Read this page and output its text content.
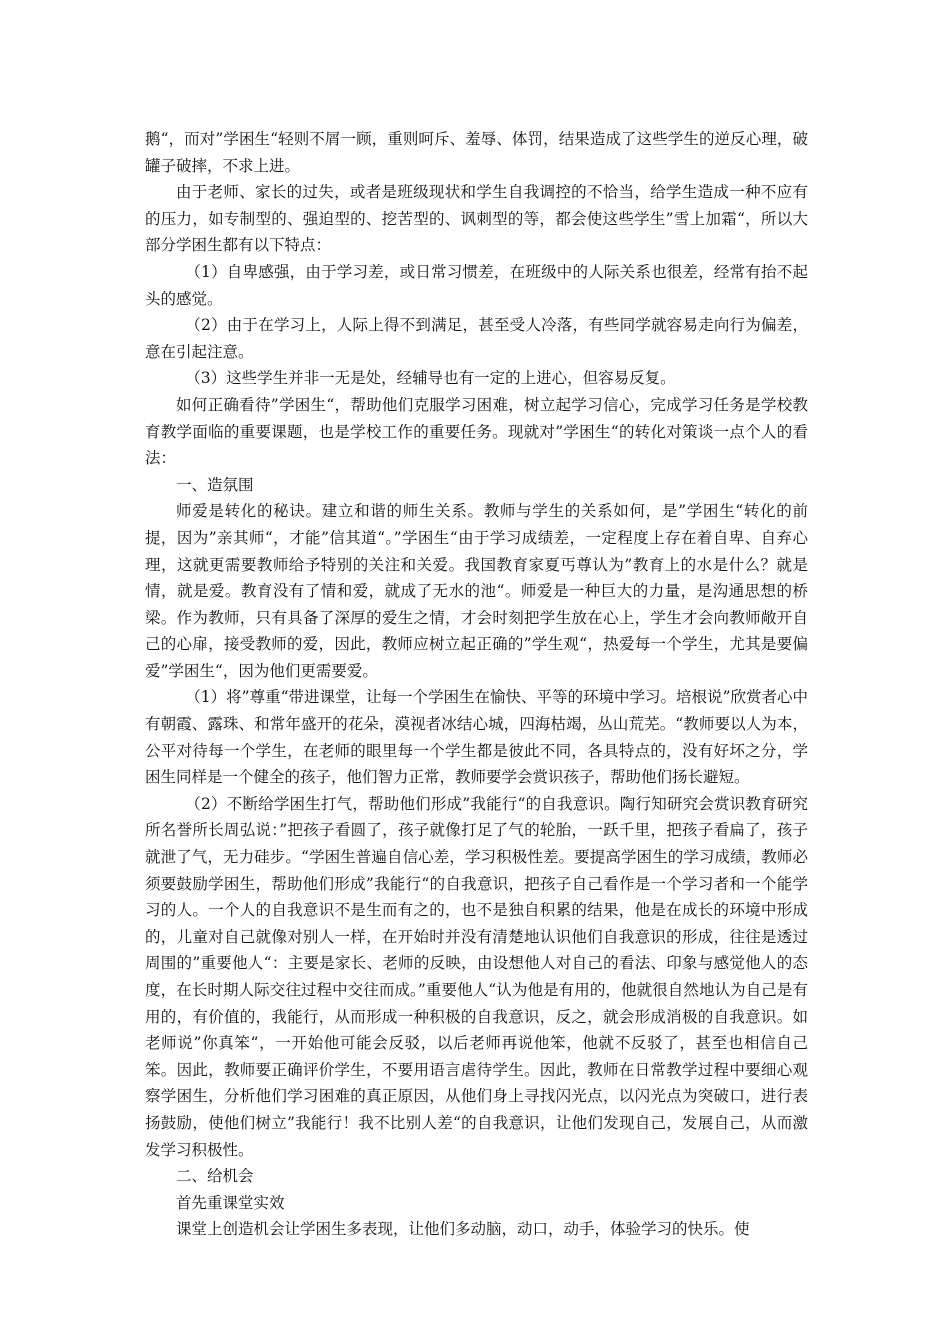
鹅“，而对”学困生“轻则不屑一顾，重则呵斥、羞辱、体罚，结果造成了这些学生的逆反心理，破罐子破摔，不求上进。

由于老师、家长的过失，或者是班级现状和学生自我调控的不恰当，给学生造成一种不应有的压力，如专制型的、强迫型的、挖苦型的、讽刺型的等，都会使这些学生”雪上加霜“，所以大部分学困生都有以下特点：

（1）自卑感强，由于学习差，或日常习惯差，在班级中的人际关系也很差，经常有抬不起头的感觉。

（2）由于在学习上，人际上得不到满足，甚至受人冷落，有些同学就容易走向行为偏差，意在引起注意。

（3）这些学生并非一无是处，经辅导也有一定的上进心，但容易反复。

如何正确看待”学困生“，帮助他们克服学习困难，树立起学习信心，完成学习任务是学校教育教学面临的重要课题，也是学校工作的重要任务。现就对”学困生“的转化对策谈一点个人的看法：

一、造氛围

师爱是转化的秘诀。建立和谐的师生关系。教师与学生的关系如何，是”学困生“转化的前提，因为”亲其师“，才能”信其道“。”学困生“由于学习成绩差，一定程度上存在着自卑、自弃心理，这就更需要教师给予特别的关注和关爱。我国教育家夏丐尊认为”教育上的水是什么？就是情，就是爱。教育没有了情和爱，就成了无水的池“。师爱是一种巨大的力量，是沟通思想的桥梁。作为教师，只有具备了深厚的爱生之情，才会时刻把学生放在心上，学生才会向教师敞开自己的心扉，接受教师的爱，因此，教师应树立起正确的”学生观“，热爱每一个学生，尤其是要偏爱”学困生“，因为他们更需要爱。

（1）将”尊重“带进课堂，让每一个学困生在愉快、平等的环境中学习。培根说”欣赏者心中有朝霞、露珠、和常年盛开的花朵，漠视者冰结心城，四海枯竭，丛山荒芜。“教师要以人为本，公平对待每一个学生，在老师的眼里每一个学生都是彼此不同，各具特点的，没有好坏之分，学困生同样是一个健全的孩子，他们智力正常，教师要学会赏识孩子，帮助他们扬长避短。

（2）不断给学困生打气，帮助他们形成”我能行“的自我意识。陶行知研究会赏识教育研究所名誉所长周弘说：”把孩子看圆了，孩子就像打足了气的轮胎，一跃千里，把孩子看扁了，孩子就泄了气，无力硅步。“学困生普遍自信心差，学习积极性差。要提高学困生的学习成绩，教师必须要鼓励学困生，帮助他们形成”我能行“的自我意识，把孩子自己看作是一个学习者和一个能学习的人。一个人的自我意识不是生而有之的，也不是独自积累的结果，他是在成长的环境中形成的，儿童对自己就像对别人一样，在开始时并没有清楚地认识他们自我意识的形成，往往是透过周围的”重要他人“：主要是家长、老师的反映，由设想他人对自己的看法、印象与感觉他人的态度，在长时期人际交往过程中交往而成。”重要他人“认为他是有用的，他就很自然地认为自己是有用的，有价值的，我能行，从而形成一种积极的自我意识，反之，就会形成消极的自我意识。如老师说”你真笨“，一开始他可能会反驳，以后老师再说他笨，他就不反驳了，甚至也相信自己笨。因此，教师要正确评价学生，不要用语言虐待学生。因此，教师在日常教学过程中要细心观察学困生，分析他们学习困难的真正原因，从他们身上寻找闪光点，以闪光点为突破口，进行表扬鼓励，使他们树立”我能行！我不比别人差“的自我意识，让他们发现自己，发展自己，从而激发学习积极性。

二、给机会

首先重课堂实效

课堂上创造机会让学困生多表现，让他们多动脑，动口，动手，体验学习的快乐。使
